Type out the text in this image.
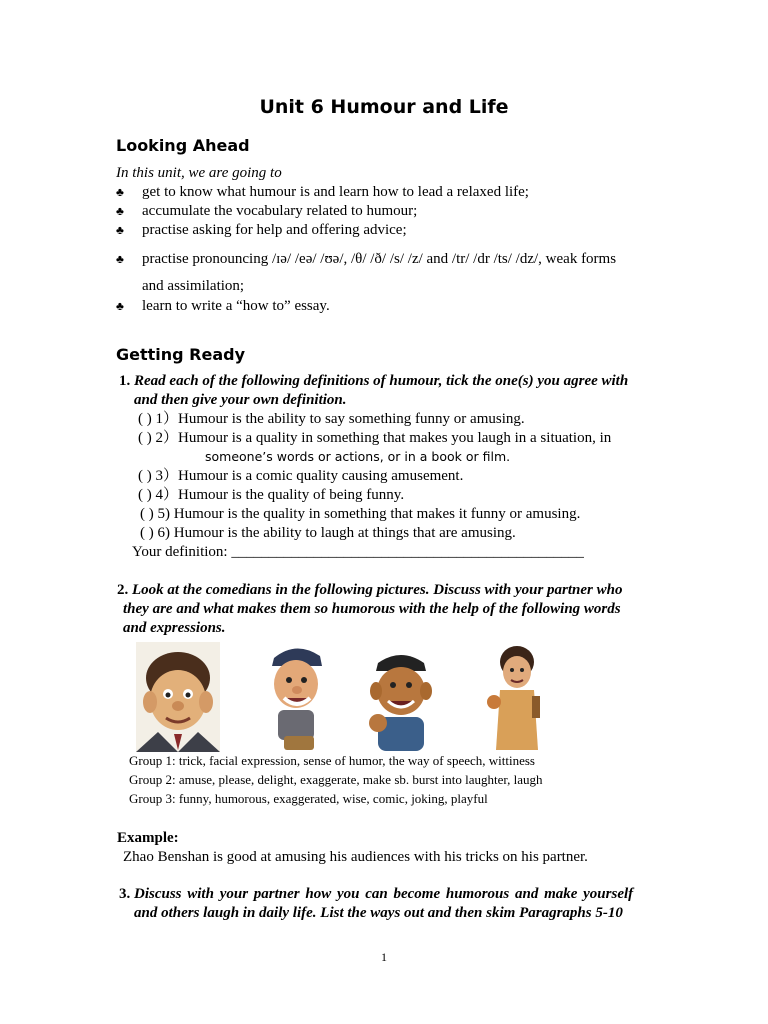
Unit 6 Humour and Life
Looking Ahead
In this unit, we are going to
♣ get to know what humour is and learn how to lead a relaxed life;
♣ accumulate the vocabulary related to humour;
♣ practise asking for help and offering advice;
♣ practise pronouncing /ɪə/ /eə/ /ʊə/, /θ/ /ð/ /s/ /z/ and /tr/ /dr /ts/ /dz/, weak forms
and assimilation;
♣ learn to write a “how to” essay.
Getting Ready
1. Read each of the following definitions of humour, tick the one(s) you agree with
and then give your own definition.
( ) 1）Humour is the ability to say something funny or amusing.
( ) 2）Humour is a quality in something that makes you laugh in a situation, in
someone’s words or actions, or in a book or film.
( ) 3）Humour is a comic quality causing amusement.
( ) 4）Humour is the quality of being funny.
( ) 5) Humour is the quality in something that makes it funny or amusing.
( ) 6) Humour is the ability to laugh at things that are amusing.
Your definition: _______________________________________________
2. Look at the comedians in the following pictures. Discuss with your partner who
they are and what makes them so humorous with the help of the following words
and expressions.
Group 1: trick, facial expression, sense of humor, the way of speech, wittiness
Group 2: amuse, please, delight, exaggerate, make sb. burst into laughter, laugh
Group 3: funny, humorous, exaggerated, wise, comic, joking, playful
Example:
Zhao Benshan is good at amusing his audiences with his tricks on his partner.
3. Discuss with your partner how you can become humorous and make yourself
and others laugh in daily life. List the ways out and then skim Paragraphs 5-10
1
